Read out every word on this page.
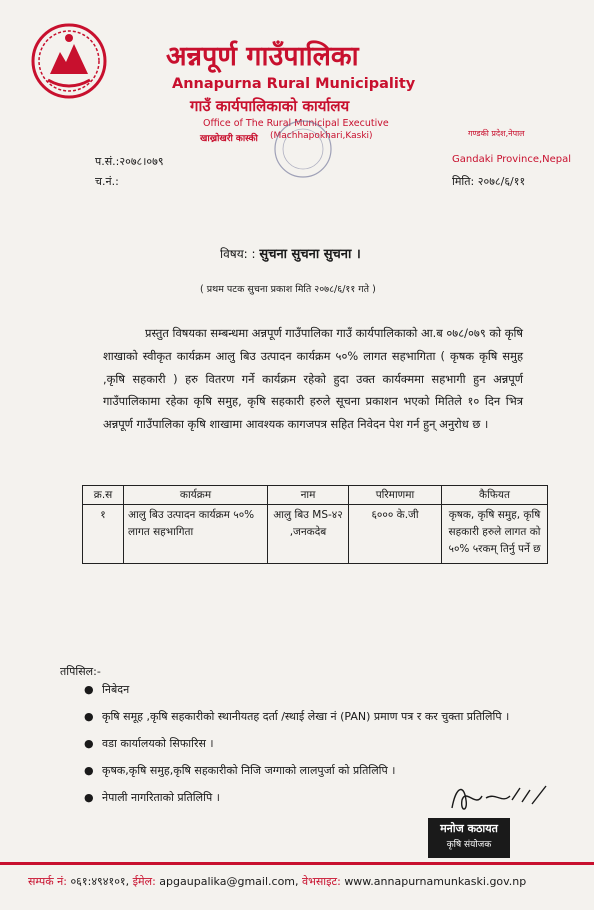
अन्नपूर्ण गाउँपालिका
Annapurna Rural Municipality
गाउँ कार्यपालिकाको कार्यालय
Office of The Rural Municipal Executive
खाख्रोखरी कास्की (Machhapokhari,Kaski)	गण्डकी प्रदेश,नेपाल
Gandaki Province,Nepal
मिति: २०७८/६/११
प.सं.:२०७८।०७९
च.नं.:
विषय: : सुचना सुचना सुचना ।
( प्रथम पटक सुचना प्रकाश मिति २०७८/६/११ गते )

प्रस्तुत विषयका सम्बन्धमा अन्नपूर्ण गाउँपालिका गाउँ कार्यपालिकाको आ.ब ०७८/०७९ को कृषि शाखाको स्वीकृत कार्यक्रम आलु बिउ उत्पादन कार्यक्रम ५०% लागत सहभागिता ( कृषक कृषि समुह ,कृषि सहकारी ) हरु वितरण गर्ने कार्यक्रम रहेको हुदा उक्त कार्यक्ममा सहभागी हुन अन्नपूर्ण गाउँपालिकामा रहेका कृषि समुह, कृषि सहकारी हरुले सूचना प्रकाशन भएको मितिले १० दिन भित्र अन्नपूर्ण गाउँपालिका कृषि शाखामा आवश्यक कागजपत्र सहित निवेदन पेश गर्न हुन् अनुरोध छ ।

क्र.स	कार्यक्रम	नाम	परिमाणमा	कैफियत
१	आलु बिउ उत्पादन कार्यक्रम ५०% लागत सहभागिता	आलु बिउ MS-४२ ,जनकदेब	६००० के.जी	कृषक, कृषि समुह, कृषि सहकारी हरुले लागत को ५०% ५रकम् तिर्नु पर्ने छ
तपिसिल:-
● निबेदन
● कृषि समूह ,कृषि सहकारीको स्थानीयतह दर्ता /स्थाई लेखा नं (PAN) प्रमाण पत्र र कर चुक्ता प्रतिलिपि ।
● वडा कार्यालयको सिफारिस ।
● कृषक,कृषि समुह,कृषि सहकारीको निजि जग्गाको लालपुर्जा को प्रतिलिपि ।
● नेपाली नागरिताको प्रतिलिपि ।
मनोज कठायत
कृषि संयोजक
सम्पर्क नं: ०६१:४९४१०१, ईमेल: apgaupalika@gmail.com, वेभसाइट: www.annapurnamunkaski.gov.np
